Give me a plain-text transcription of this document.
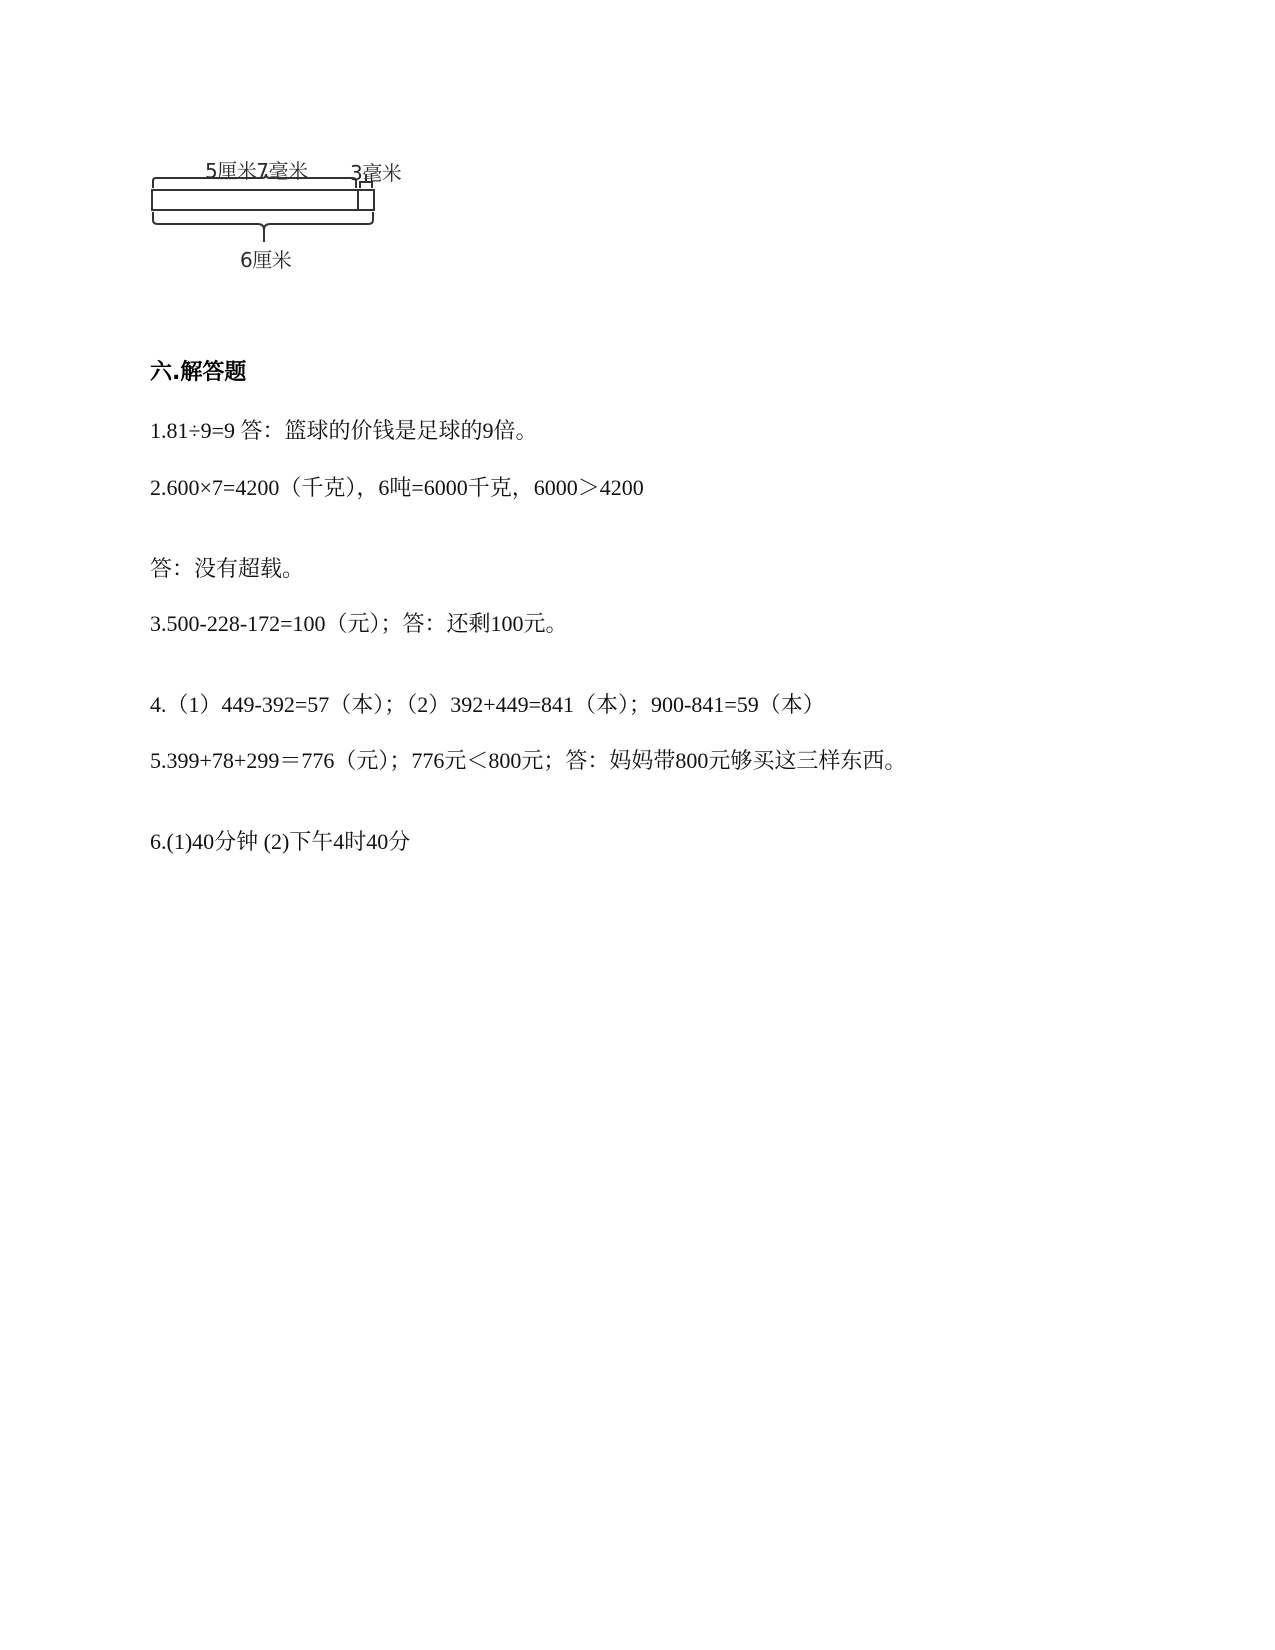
5厘米7毫米 3毫米
6厘米
六.解答题
1.81÷9=9 答：篮球的价钱是足球的9倍。
2.600×7=4200（千克），6吨=6000千克，6000＞4200
答：没有超载。
3.500-228-172=100（元）；答：还剩100元。
4.（1）449-392=57（本）；（2）392+449=841（本）；900-841=59（本）
5.399+78+299＝776（元）；776元＜800元；答：妈妈带800元够买这三样东西。
6.(1)40分钟 (2)下午4时40分
